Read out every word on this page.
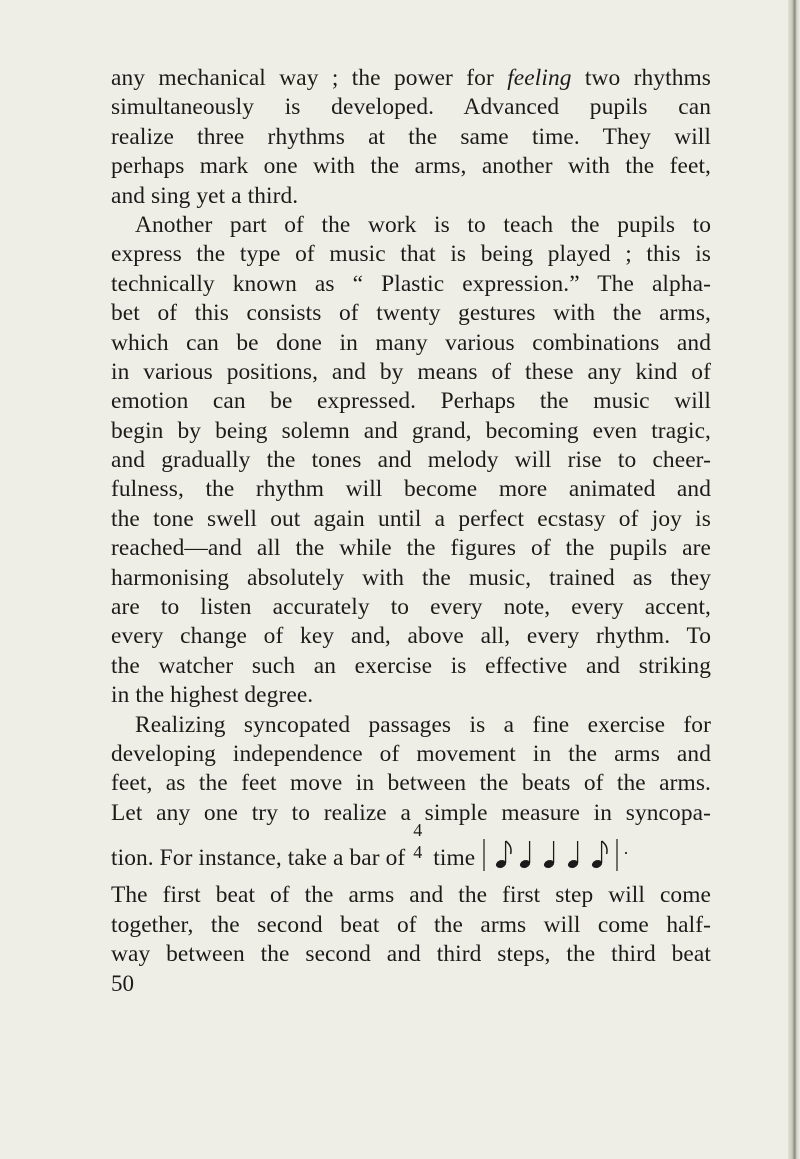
any mechanical way ; the power for feeling two rhythms
simultaneously is developed. Advanced pupils can
realize three rhythms at the same time. They will
perhaps mark one with the arms, another with the feet,
and sing yet a third.
Another part of the work is to teach the pupils to
express the type of music that is being played ; this is
technically known as “ Plastic expression.” The alpha-
bet of this consists of twenty gestures with the arms,
which can be done in many various combinations and
in various positions, and by means of these any kind of
emotion can be expressed. Perhaps the music will
begin by being solemn and grand, becoming even tragic,
and gradually the tones and melody will rise to cheer-
fulness, the rhythm will become more animated and
the tone swell out again until a perfect ecstasy of joy is
reached—and all the while the figures of the pupils are
harmonising absolutely with the music, trained as they
are to listen accurately to every note, every accent,
every change of key and, above all, every rhythm. To
the watcher such an exercise is effective and striking
in the highest degree.
Realizing syncopated passages is a fine exercise for
developing independence of movement in the arms and
feet, as the feet move in between the beats of the arms.
Let any one try to realize a simple measure in syncopa-
tion. For instance, take a bar of
4
4 time	·
The first beat of the arms and the first step will come
together, the second beat of the arms will come half-
way between the second and third steps, the third beat
50
